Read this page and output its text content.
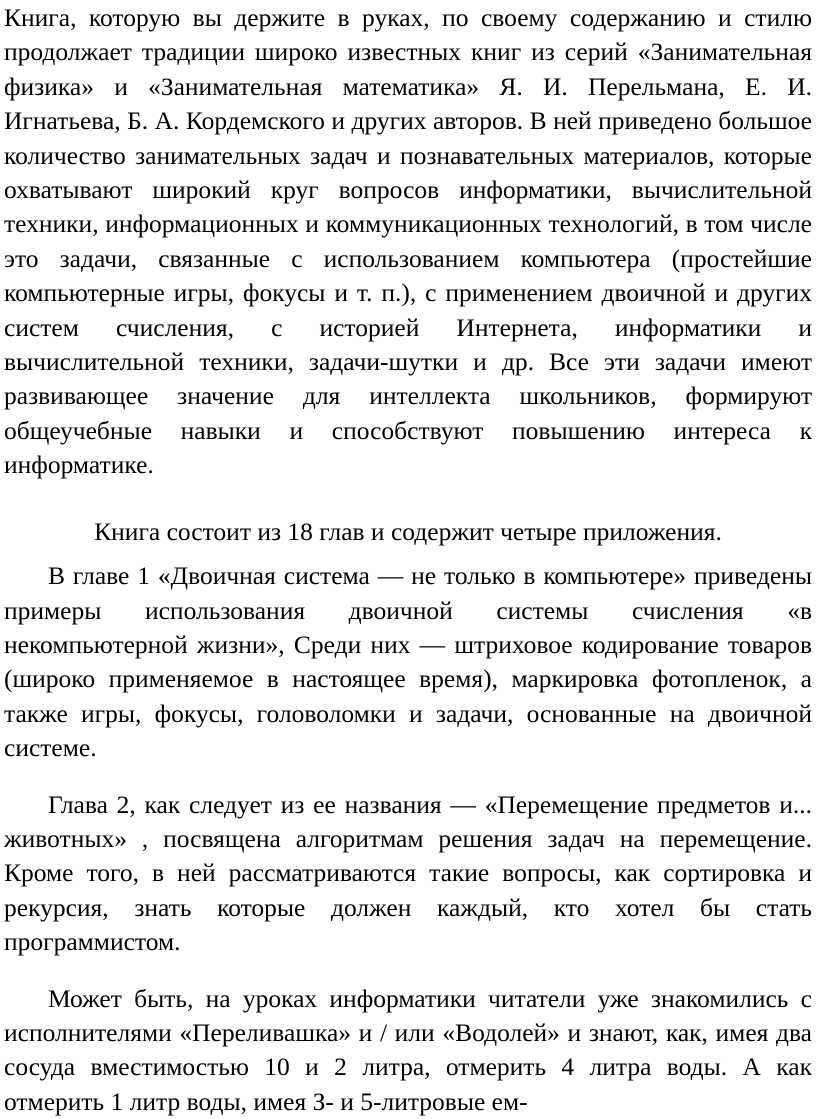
Книга, которую вы держите в руках, по своему содержанию и стилю продолжает традиции широко известных книг из серий «Занимательная физика» и «Занимательная математика» Я. И. Перельмана, Е. И. Игнатьева, Б. А. Кордемского и других авторов. В ней приведено большое количество занимательных задач и познавательных материалов, которые охватывают широкий круг вопросов информатики, вычислительной техники, информационных и коммуникационных технологий, в том числе это задачи, связанные с использованием компьютера (простейшие компьютерные игры, фокусы и т. п.), с применением двоичной и других систем счисления, с историей Интернета, информатики и вычислительной техники, задачи-шутки и др. Все эти задачи имеют развивающее значение для интеллекта школьников, формируют общеучебные навыки и способствуют повышению интереса к информатике.

Книга состоит из 18 глав и содержит четыре приложения.

В главе 1 «Двоичная система — не только в компьютере» приведены примеры использования двоичной системы счисления «в некомпьютерной жизни», Среди них — штриховое кодирование товаров (широко применяемое в настоящее время), маркировка фотопленок, а также игры, фокусы, головоломки и задачи, основанные на двоичной системе.

Глава 2, как следует из ее названия — «Перемещение предметов и... животных» , посвящена алгоритмам решения задач на перемещение. Кроме того, в ней рассматриваются такие вопросы, как сортировка и рекурсия, знать которые должен каждый, кто хотел бы стать программистом.

Может быть, на уроках информатики читатели уже знакомились с исполнителями «Переливашка» и / или «Водолей» и знают, как, имея два сосуда вместимостью 10 и 2 литра, отмерить 4 литра воды. А как отмерить 1 литр воды, имея З- и 5-литровые ем-
